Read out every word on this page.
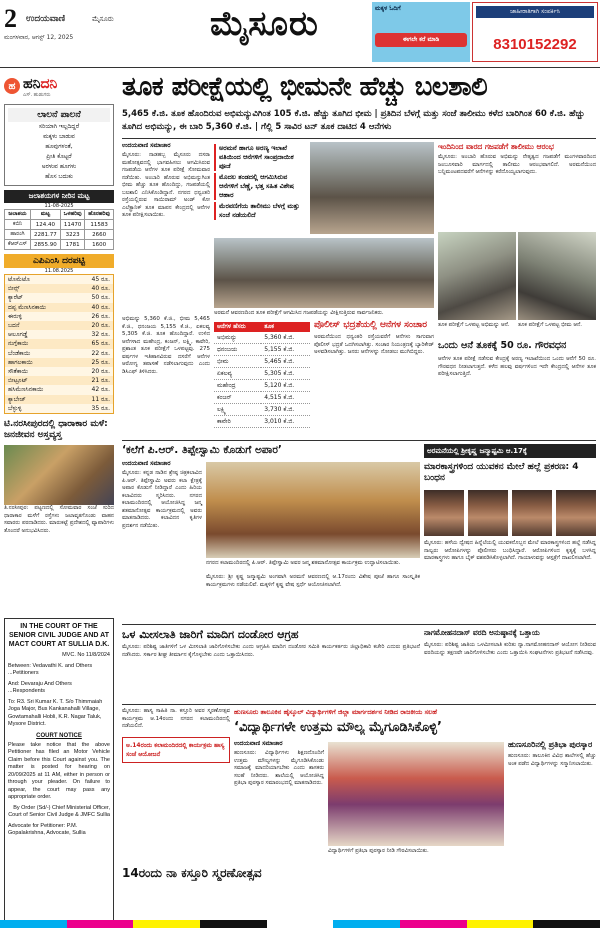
2 ಉದಯವಾಣಿ	ಮೈಸೂರು
ಮಂಗಳವಾರ, ಆಗಸ್ಟ್ 12, 2025	ಮೈಸೂರು	ಮಕ್ಕಳ ಓದಿಗೆ
ಈಗಲೇ ಕರೆ ಮಾಡಿ
ಜಾಹೀರಾತಿಗಾಗಿ ಸಂಪರ್ಕಿಸಿ
8310152292
ಹ ಹನಿದನಿ
ಎಸ್. ಹುಡುಗರು
ಲಾಲನೆ ಪಾಲನೆ
ಸರಿಯಾಗಿ ಇಲ್ಲದಿದ್ದರೆ
ಮಕ್ಕಳು ಬಾಡುವ
ಹೂವುಗಳಂತೆ,
ಪ್ರೀತಿ ಕೊಟ್ಟರೆ
ಅರಳುವ ಹೂಗಳು
ಹೊಸ ಬದುಕು
ಜಲಾಶಯಗಳ ನೀರಿನ ಮಟ್ಟ
11-08-2025
ಜಲಾಶಯ	ಮಟ್ಟ	ಒಳಹರಿವು	ಹೊರಹರಿವು
ಕಬಿನಿ	124.40	11470	11583
ಹಾರಂಗಿ	2281.77	3223	2660
ಕೆಆರ್‌ಎಸ್	2855.90	1781	1600
ಎಪಿಎಂಸಿ ದರಪಟ್ಟಿ
11.08.2025
ಟೊಮೆಟೊ	45 ರೂ.
ಬೀನ್ಸ್	40 ರೂ.
ಕ್ಯಾರೆಟ್	50 ರೂ.
ದಪ್ಪ ಮೆಣಸಿನಕಾಯಿ	40 ರೂ.
ಈರುಳ್ಳಿ	26 ರೂ.
ಬದನೆ	20 ರೂ.
ಆಲೂಗಡ್ಡೆ	32 ರೂ.
ನುಗ್ಗೆಕಾಯಿ	65 ರೂ.
ಬೆಂಡೆಕಾಯಿ	22 ರೂ.
ಹಾಗಲಕಾಯಿ	25 ರೂ.
ಸೌತೆಕಾಯಿ	20 ರೂ.
ಬೀಟ್ರೂಟ್	21 ರೂ.
ಹಸಿಮೆಣಸಿನಕಾಯಿ	42 ರೂ.
ಕ್ಯಾಬೇಜ್	11 ರೂ.
ಬೆಳ್ಳುಳ್ಳಿ	35 ರೂ.
ಟಿ.ನರಸೀಪುರದಲ್ಲಿ ಧಾರಾಕಾರ ಮಳೆ: ಜನಜೀವನ ಅಸ್ತವ್ಯಸ್ತ
ತಿ.ನರಸೀಪುರ: ಪಟ್ಟಣದಲ್ಲಿ ಸೋಮವಾರ ಸಂಜೆ ಸುರಿದ ಧಾರಾಕಾರ ಮಳೆಗೆ ರಸ್ತೆಗಳು ಜಲಾವೃತಗೊಂಡು ವಾಹನ ಸವಾರರು ಪರದಾಡಿದರು. ಮಾರುಕಟ್ಟೆ ಪ್ರದೇಶದಲ್ಲಿ ವ್ಯಾಪಾರಿಗಳು ತೊಂದರೆ ಅನುಭವಿಸಿದರು.
IN THE COURT OF THE SENIOR CIVIL JUDGE AND AT MACT COURT AT SULLIA D.K.
MVC. No 11/8/2024
Between: Vedavathi K. and Others ...Petitioners
And: Devaraju And Others ...Respondents
To: R3. Sri Kumar K. T. S/o Thimmaiah Joga Major, Bus Kankanahalli Village, Gowtamahalli Hobli, K.R. Nagar Taluk, Mysore District.
COURT NOTICE
Please take notice that the above Petitioner has filed an Motor Vehicle Claim before this Court against you. The matter is posted for hearing on 20/09/2025 at 11 AM, either in person or through your pleader. On failure to appear, the court may pass any appropriate order.
By Order (Sd/-) Chief Ministerial Officer, Court of Senior Civil Judge & JMFC Sullia
Advocate for Petitioner: P.M. Gopalakrishna, Advocate, Sullia
ತೂಕ ಪರೀಕ್ಷೆಯಲ್ಲಿ ಭೀಮನೇ ಹೆಚ್ಚು ಬಲಶಾಲಿ
5,465 ಕೆ.ಜಿ. ತೂಕ ಹೊಂದಿರುವ ಅಭಿಮನ್ಯುವಿಗಿಂತ 105 ಕೆ.ಜಿ. ಹೆಚ್ಚು ತೂಗಿದ ಭೀಮ | ಪ್ರತಿದಿನ ಬೆಳಗ್ಗೆ ಮತ್ತು ಸಂಜೆ ತಾಲೀಮು ಕಳೆದ ಬಾರಿಗಿಂತ 60 ಕೆ.ಜಿ. ಹೆಚ್ಚು ತೂಗಿದ ಅಭಿಮನ್ಯು, ಈ ಬಾರಿ 5,360 ಕೆ.ಜಿ. | ಗೆಲ್ಲಿ 5 ಸಾವಿರ ಟನ್ ತೂಕ ದಾಟಿದ 4 ಆನೆಗಳು
ಉದಯವಾಣಿ ಸಮಾಚಾರ
ಮೈಸೂರು: ನಾಡಹಬ್ಬ ಮೈಸೂರು ದಸರಾ ಮಹೋತ್ಸವದಲ್ಲಿ ಭಾಗವಹಿಸಲು ಆಗಮಿಸಿರುವ ಗಜಪಡೆಯ ಆನೆಗಳ ತೂಕ ಪರೀಕ್ಷೆ ಸೋಮವಾರ ನಡೆಯಿತು. ಅಂಬಾರಿ ಹೊರುವ ಅಭಿಮನ್ಯುಗಿಂತ ಭೀಮ ಹೆಚ್ಚು ತೂಕ ಹೊಂದಿದ್ದು, ಗಜಪಡೆಯಲ್ಲಿ ಬಲಶಾಲಿ ಎನಿಸಿಕೊಂಡಿದ್ದಾನೆ. ನಗರದ ಧನ್ವಂತರಿ ರಸ್ತೆಯಲ್ಲಿರುವ ಸಾಯಿರಾಮ್ ಅಂಡ್ ಕೋ ಎಲೆಕ್ಟ್ರಾನಿಕ್ ತೂಕ ಮಾಪನ ಕೇಂದ್ರದಲ್ಲಿ ಆನೆಗಳ ತೂಕ ಪರೀಕ್ಷಿಸಲಾಯಿತು.
ಅರಮನೆ ಹಾಗೂ ಅರಣ್ಯ ಇಲಾಖೆ ವತಿಯಿಂದ ಆನೆಗಳಿಗೆ ಸಾಂಪ್ರದಾಯಿಕ ಪೂಜೆ
ಮೊದಲ ತಂಡದಲ್ಲಿ ಆಗಮಿಸಿರುವ ಆನೆಗಳಿಗೆ ಬೆಣ್ಣೆ, ಭತ್ತ ಸಹಿತ ವಿಶೇಷ ಆಹಾರ
ಮೆರವಣಿಗೆಯ ತಾಲೀಮು ಬೆಳಗ್ಗೆ ಮತ್ತು ಸಂಜೆ ನಡೆಯಲಿದೆ
ಅರಮನೆ ಆವರಣದಿಂದ ತೂಕ ಪರೀಕ್ಷೆಗೆ ಆಗಮಿಸಿದ ಗಜಪಡೆಯನ್ನು ವೀಕ್ಷಿಸುತ್ತಿರುವ ಸಾರ್ವಜನಿಕರು.
ಅಭಿಮನ್ಯು 5,360 ಕೆ.ಜಿ., ಭೀಮ 5,465 ಕೆ.ಜಿ., ಧನಂಜಯ 5,155 ಕೆ.ಜಿ., ಏಕಲವ್ಯ 5,305 ಕೆ.ಜಿ. ತೂಕ ಹೊಂದಿದ್ದಾರೆ. ಉಳಿದ ಆನೆಗಳಾದ ಮಹೇಂದ್ರ, ಕಂಜನ್, ಲಕ್ಷ್ಮಿ, ಕಾವೇರಿ, ಪ್ರಶಾಂತ ತೂಕ ಪರೀಕ್ಷೆಗೆ ಒಳಪಟ್ಟವು. 275 ವರ್ಷಗಳ ಇತಿಹಾಸವಿರುವ ದಸರೆಗೆ ಆನೆಗಳ ಆರೋಗ್ಯ ತಪಾಸಣೆ ನಡೆಸಲಾಗುವುದು ಎಂದು ಡಿಸಿಎಫ್ ತಿಳಿಸಿದರು.
ಆನೆಗಳ ಹೆಸರು	ತೂಕ
ಅಭಿಮನ್ಯು	5,360 ಕೆ.ಜಿ.
ಧನಂಜಯ	5,155 ಕೆ.ಜಿ.
ಭೀಮ	5,465 ಕೆ.ಜಿ.
ಏಕಲವ್ಯ	5,305 ಕೆ.ಜಿ.
ಮಹೇಂದ್ರ	5,120 ಕೆ.ಜಿ.
ಕಂಜನ್	4,515 ಕೆ.ಜಿ.
ಲಕ್ಷ್ಮಿ	3,730 ಕೆ.ಜಿ.
ಕಾವೇರಿ	3,010 ಕೆ.ಜಿ.
ಪೊಲೀಸ್ ಭದ್ರತೆಯಲ್ಲಿ ಆನೆಗಳ ಸಂಚಾರ
ಅರಮನೆಯಿಂದ ಧನ್ವಂತರಿ ರಸ್ತೆಯವರೆಗೆ ಆನೆಗಳು ಸಾಗುವಾಗ ಪೊಲೀಸ್ ಭದ್ರತೆ ಒದಗಿಸಲಾಗಿತ್ತು. ಸಂಚಾರ ನಿಯಂತ್ರಣಕ್ಕೆ ಬ್ಯಾರಿಕೇಡ್ ಅಳವಡಿಸಲಾಗಿತ್ತು. ಜನರು ಆನೆಗಳನ್ನು ನೋಡಲು ಮುಗಿಬಿದ್ದರು.
ಇಂದಿನಿಂದ ವಾರದ ಗಜಪಡೆಗೆ ತಾಲೀಮು ಆರಂಭ
ಮೈಸೂರು: ಅಂಬಾರಿ ಹೊರುವ ಅಭಿಮನ್ಯು ನೇತೃತ್ವದ ಗಜಪಡೆಗೆ ಮಂಗಳವಾರದಿಂದ ಜಂಬೂಸವಾರಿ ಮಾರ್ಗದಲ್ಲಿ ತಾಲೀಮು ಆರಂಭವಾಗಲಿದೆ. ಅರಮನೆಯಿಂದ ಬನ್ನಿಮಂಟಪದವರೆಗೆ ಆನೆಗಳನ್ನು ಕರೆದೊಯ್ಯಲಾಗುವುದು.
ತೂಕ ಪರೀಕ್ಷೆಗೆ ಒಳಪಟ್ಟ ಅಭಿಮನ್ಯು ಆನೆ.	ತೂಕ ಪರೀಕ್ಷೆಗೆ ಒಳಪಟ್ಟ ಭೀಮ ಆನೆ.
ಒಂದು ಆನೆ ತೂಕಕ್ಕೆ 50 ರೂ. ಗೌರವಧನ
ಆನೆಗಳ ತೂಕ ಪರೀಕ್ಷೆ ನಡೆಸುವ ಕೇಂದ್ರಕ್ಕೆ ಅರಣ್ಯ ಇಲಾಖೆಯಿಂದ ಒಂದು ಆನೆಗೆ 50 ರೂ. ಗೌರವಧನ ನೀಡಲಾಗುತ್ತದೆ. ಕಳೆದ ಹಲವು ವರ್ಷಗಳಿಂದ ಇದೇ ಕೇಂದ್ರದಲ್ಲಿ ಆನೆಗಳ ತೂಕ ಪರೀಕ್ಷಿಸಲಾಗುತ್ತಿದೆ.
‘ಕಲೆಗೆ ಪಿ.ಆರ್. ತಿಪ್ಪೇಸ್ವಾಮಿ ಕೊಡುಗೆ ಅಪಾರ’
ಉದಯವಾಣಿ ಸಮಾಚಾರ
ಮೈಸೂರು: ಕನ್ನಡ ನಾಡಿನ ಶ್ರೇಷ್ಠ ಚಿತ್ರಕಲಾವಿದ ಪಿ.ಆರ್. ತಿಪ್ಪೇಸ್ವಾಮಿ ಅವರು ಕಲಾ ಕ್ಷೇತ್ರಕ್ಕೆ ಅಪಾರ ಕೊಡುಗೆ ನೀಡಿದ್ದಾರೆ ಎಂದು ಹಿರಿಯ ಕಲಾವಿದರು ಸ್ಮರಿಸಿದರು. ನಗರದ ಕಲಾಮಂದಿರದಲ್ಲಿ ಆಯೋಜಿಸಿದ್ದ ಜನ್ಮ ಶತಮಾನೋತ್ಸವ ಕಾರ್ಯಕ್ರಮದಲ್ಲಿ ಅವರು ಮಾತನಾಡಿದರು. ಕಲಾವಿದನ ಕೃತಿಗಳ ಪ್ರದರ್ಶನ ನಡೆಯಿತು.
ನಗರದ ಕಲಾಮಂದಿರದಲ್ಲಿ ಪಿ.ಆರ್. ತಿಪ್ಪೇಸ್ವಾಮಿ ಅವರ ಜನ್ಮ ಶತಮಾನೋತ್ಸವ ಕಾರ್ಯಕ್ರಮ ಉದ್ಘಾಟಿಸಲಾಯಿತು.
ಮೈಸೂರು: ಶ್ರೀ ಕೃಷ್ಣ ಜನ್ಮಾಷ್ಟಮಿ ಅಂಗವಾಗಿ ಅರಮನೆ ಆವರಣದಲ್ಲಿ ಆ.17ರಂದು ವಿಶೇಷ ಪೂಜೆ ಹಾಗೂ ಸಾಂಸ್ಕೃತಿಕ ಕಾರ್ಯಕ್ರಮಗಳು ನಡೆಯಲಿವೆ. ಮಕ್ಕಳಿಗೆ ಕೃಷ್ಣ ವೇಷ ಸ್ಪರ್ಧೆ ಆಯೋಜಿಸಲಾಗಿದೆ.
ಅರಮನೆಯಲ್ಲಿ ಶ್ರೀಕೃಷ್ಣ ಜನ್ಮಾಷ್ಟಮಿ ಆ.17ಕ್ಕೆ
ಮಾರಕಾಸ್ತ್ರಗಳಿಂದ ಯುವಕನ ಮೇಲೆ ಹಲ್ಲೆ ಪ್ರಕರಣ: 4 ಬಂಧನ
ಮೈಸೂರು: ಹಳೆಯ ದ್ವೇಷದ ಹಿನ್ನೆಲೆಯಲ್ಲಿ ಯುವಕನೊಬ್ಬನ ಮೇಲೆ ಮಾರಕಾಸ್ತ್ರಗಳಿಂದ ಹಲ್ಲೆ ನಡೆಸಿದ್ದ ನಾಲ್ವರು ಆರೋಪಿಗಳನ್ನು ಪೊಲೀಸರು ಬಂಧಿಸಿದ್ದಾರೆ. ಆರೋಪಿಗಳಿಂದ ಕೃತ್ಯಕ್ಕೆ ಬಳಸಿದ್ದ ಮಾರಕಾಸ್ತ್ರಗಳು ಹಾಗೂ ಬೈಕ್ ವಶಪಡಿಸಿಕೊಳ್ಳಲಾಗಿದೆ. ಗಾಯಾಳುವನ್ನು ಆಸ್ಪತ್ರೆಗೆ ದಾಖಲಿಸಲಾಗಿದೆ.
ಒಳ ಮೀಸಲಾತಿ ಜಾರಿಗೆ ಮಾದಿಗ ದಂಡೋರ ಆಗ್ರಹ
ಮೈಸೂರು: ಪರಿಶಿಷ್ಟ ಜಾತಿಗಳಿಗೆ ಒಳ ಮೀಸಲಾತಿ ಜಾರಿಗೊಳಿಸಬೇಕು ಎಂದು ಆಗ್ರಹಿಸಿ ಮಾದಿಗ ದಂಡೋರ ಸಮಿತಿ ಕಾರ್ಯಕರ್ತರು ಜಿಲ್ಲಾಧಿಕಾರಿ ಕಚೇರಿ ಎದುರು ಪ್ರತಿಭಟನೆ ನಡೆಸಿದರು. ಸರ್ಕಾರ ಶೀಘ್ರ ತೀರ್ಮಾನ ಕೈಗೊಳ್ಳಬೇಕು ಎಂದು ಒತ್ತಾಯಿಸಿದರು.
ನಾಗಮೋಹನದಾಸ್ ವರದಿ ಅನುಷ್ಠಾನಕ್ಕೆ ಒತ್ತಾಯ
ಮೈಸೂರು: ಪರಿಶಿಷ್ಟ ಜಾತಿಯ ಒಳಮೀಸಲಾತಿ ಕುರಿತು ನ್ಯಾ.ನಾಗಮೋಹನದಾಸ್ ಆಯೋಗ ನೀಡಿರುವ ವರದಿಯನ್ನು ತಕ್ಷಣವೇ ಜಾರಿಗೊಳಿಸಬೇಕು ಎಂದು ಒತ್ತಾಯಿಸಿ ಸಂಘಟನೆಗಳು ಪ್ರತಿಭಟನೆ ನಡೆಸಿದವು.
ಮೈಸೂರು: ಹಾಸ್ಯ ಸಾಹಿತಿ ನಾ. ಕಸ್ತೂರಿ ಅವರ ಸ್ಮರಣೋತ್ಸವ ಕಾರ್ಯಕ್ರಮ ಆ.14ರಂದು ನಗರದ ಕಲಾಮಂದಿರದಲ್ಲಿ ನಡೆಯಲಿದೆ.
ಅ.14ರಂದು ಕಲಾಮಂದಿರದಲ್ಲಿ ಕಾರ್ಯಕ್ರಮ ಹಾಸ್ಯ ಸಂಜೆ ಆಯೋಜನೆ
ಹುಣಸೂರು ತಾಲೂಕಿನ ಹೈಸ್ಕೂಲ್ ವಿದ್ಯಾರ್ಥಿಗಳಿಗೆ ಜಿಲ್ಲಾ ಮಾರ್ಗದರ್ಶನ ನೀಡಿದ ರಾಜಕೀಯ ಸಲಹೆ
‘ವಿದ್ಯಾರ್ಥಿಗಳೇ ಉತ್ತಮ ಮೌಲ್ಯ ಮೈಗೂಡಿಸಿಕೊಳ್ಳಿ’
ಉದಯವಾಣಿ ಸಮಾಚಾರ
ಹುಣಸೂರು: ವಿದ್ಯಾರ್ಥಿಗಳು ಶಿಕ್ಷಣದೊಂದಿಗೆ ಉತ್ತಮ ಮೌಲ್ಯಗಳನ್ನು ಮೈಗೂಡಿಸಿಕೊಂಡು ಸಮಾಜಕ್ಕೆ ಮಾದರಿಯಾಗಬೇಕು ಎಂದು ಶಾಸಕರು ಸಲಹೆ ನೀಡಿದರು. ಶಾಲೆಯಲ್ಲಿ ಆಯೋಜಿಸಿದ್ದ ಪ್ರತಿಭಾ ಪುರಸ್ಕಾರ ಸಮಾರಂಭದಲ್ಲಿ ಮಾತನಾಡಿದರು.
ವಿದ್ಯಾರ್ಥಿಗಳಿಗೆ ಪ್ರತಿಭಾ ಪುರಸ್ಕಾರ ನೀಡಿ ಗೌರವಿಸಲಾಯಿತು.
ಹುಣಸೂರಿನಲ್ಲಿ ಪ್ರತಿಭಾ ಪುರಸ್ಕಾರ
ಹುಣಸೂರು: ತಾಲೂಕಿನ ವಿವಿಧ ಶಾಲೆಗಳಲ್ಲಿ ಹೆಚ್ಚು ಅಂಕ ಪಡೆದ ವಿದ್ಯಾರ್ಥಿಗಳನ್ನು ಸನ್ಮಾನಿಸಲಾಯಿತು.
14ರಂದು ನಾ ಕಸ್ತೂರಿ ಸ್ಮರಣೋತ್ಸವ
